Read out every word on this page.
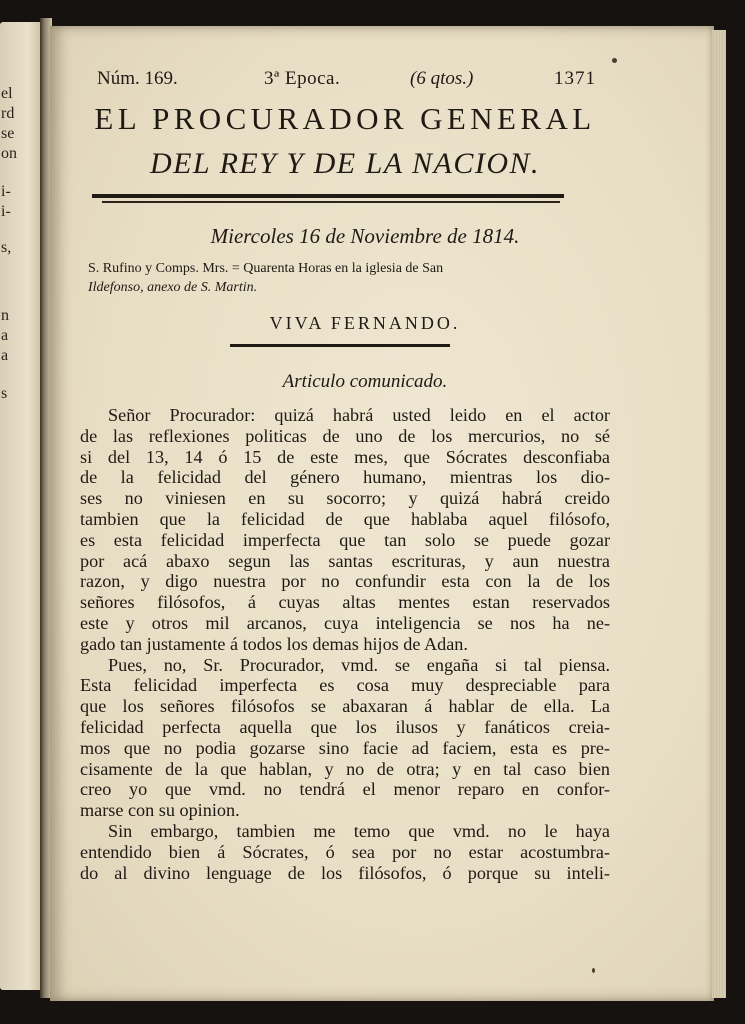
el
rd
se
on
i-
i-
s,
n
a
a
s
Núm. 169.	3ª Epoca.	(6 qtos.)	1371
EL PROCURADOR GENERAL
DEL REY Y DE LA NACION.
Miercoles 16 de Noviembre de 1814.
S. Rufino y Comps. Mrs. = Quarenta Horas en la iglesia de San
Ildefonso, anexo de S. Martin.
VIVA FERNANDO.
Articulo comunicado.
Señor Procurador: quizá habrá usted leido en el actor
de las reflexiones politicas de uno de los mercurios, no sé
si del 13, 14 ó 15 de este mes, que Sócrates desconfiaba
de la felicidad del género humano, mientras los dio-
ses no viniesen en su socorro; y quizá habrá creido
tambien que la felicidad de que hablaba aquel filósofo,
es esta felicidad imperfecta que tan solo se puede gozar
por acá abaxo segun las santas escrituras, y aun nuestra
razon, y digo nuestra por no confundir esta con la de los
señores filósofos, á cuyas altas mentes estan reservados
este y otros mil arcanos, cuya inteligencia se nos ha ne-
gado tan justamente á todos los demas hijos de Adan.
Pues, no, Sr. Procurador, vmd. se engaña si tal piensa.
Esta felicidad imperfecta es cosa muy despreciable para
que los señores filósofos se abaxaran á hablar de ella. La
felicidad perfecta aquella que los ilusos y fanáticos creia-
mos que no podia gozarse sino facie ad faciem, esta es pre-
cisamente de la que hablan, y no de otra; y en tal caso bien
creo yo que vmd. no tendrá el menor reparo en confor-
marse con su opinion.
Sin embargo, tambien me temo que vmd. no le haya
entendido bien á Sócrates, ó sea por no estar acostumbra-
do al divino lenguage de los filósofos, ó porque su inteli-
